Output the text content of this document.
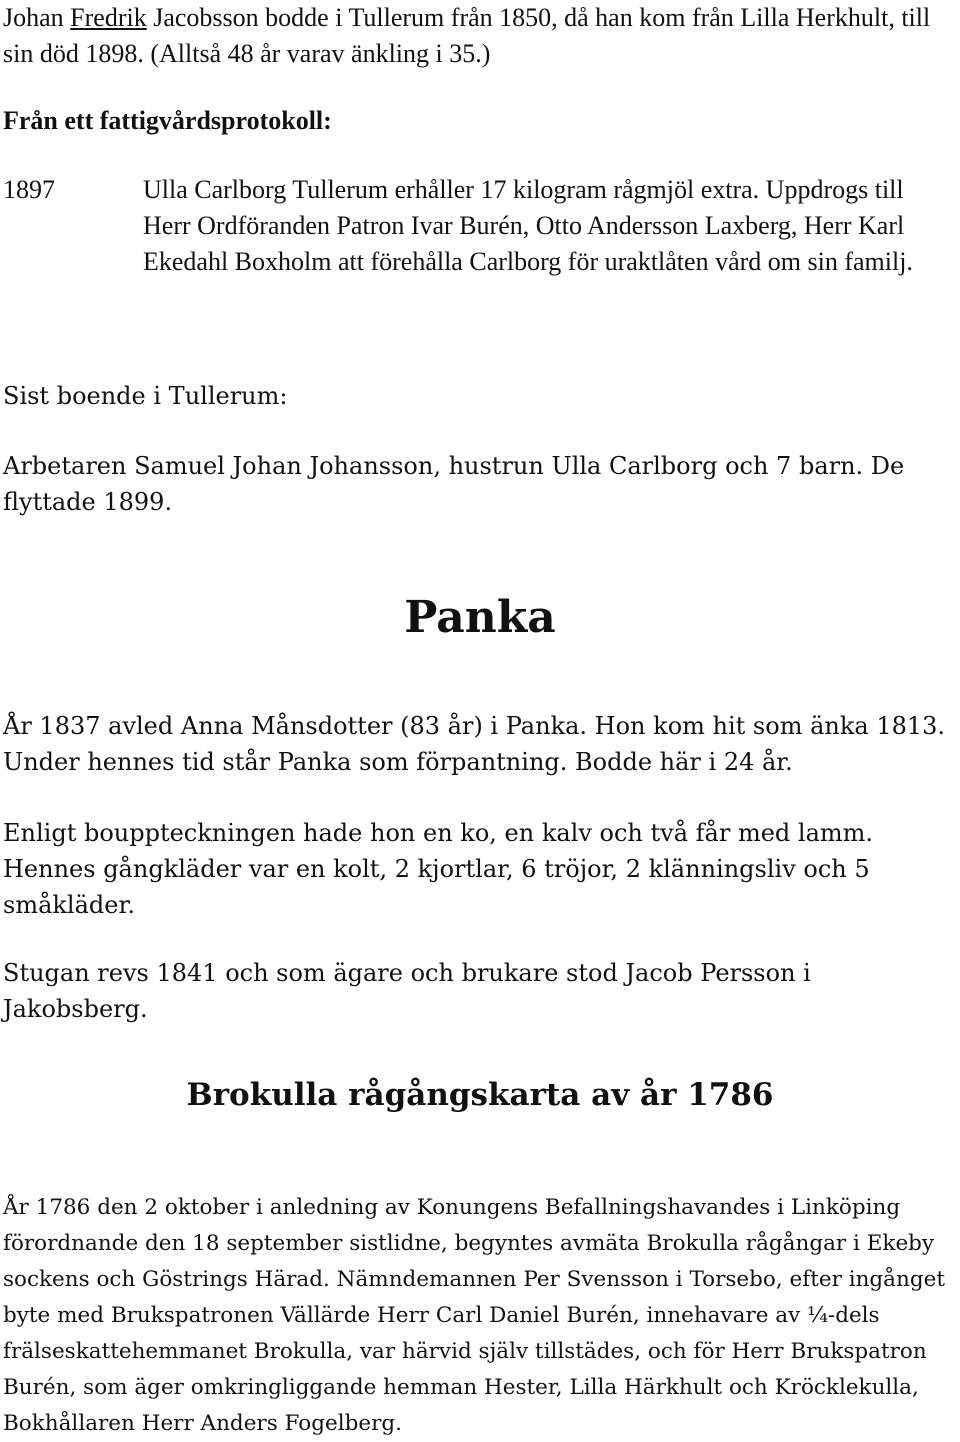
Johan Fredrik Jacobsson bodde i Tullerum från 1850, då han kom från Lilla Herkhult, till sin död 1898. (Alltså 48 år varav änkling i 35.)

Från ett fattigvårdsprotokoll:

1897	Ulla Carlborg Tullerum erhåller 17 kilogram rågmjöl extra. Uppdrogs till Herr Ordföranden Patron Ivar Burén, Otto Andersson Laxberg, Herr Karl Ekedahl Boxholm att förehålla Carlborg för uraktlåten vård om sin familj.

Sist boende i Tullerum:

Arbetaren Samuel Johan Johansson, hustrun Ulla Carlborg och 7 barn. De flyttade 1899.

Panka

År 1837 avled Anna Månsdotter (83 år) i Panka. Hon kom hit som änka 1813. Under hennes tid står Panka som förpantning. Bodde här i 24 år.

Enligt bouppteckningen hade hon en ko, en kalv och två får med lamm. Hennes gångkläder var en kolt, 2 kjortlar, 6 tröjor, 2 klänningsliv och 5 småkläder.

Stugan revs 1841 och som ägare och brukare stod Jacob Persson i Jakobsberg.

Brokulla rågångskarta av år 1786

År 1786 den 2 oktober i anledning av Konungens Befallningshavandes i Linköping förordnande den 18 september sistlidne, begyntes avmäta Brokulla rågångar i Ekeby sockens och Göstrings Härad. Nämndemannen Per Svensson i Torsebo, efter ingånget byte med Brukspatronen Vällärde Herr Carl Daniel Burén, innehavare av ¼-dels frälseskattehemmanet Brokulla, var härvid själv tillstädes, och för Herr Brukspatron Burén, som äger omkringliggande hemman Hester, Lilla Härkhult och Kröcklekulla, Bokhållaren Herr Anders Fogelberg.
